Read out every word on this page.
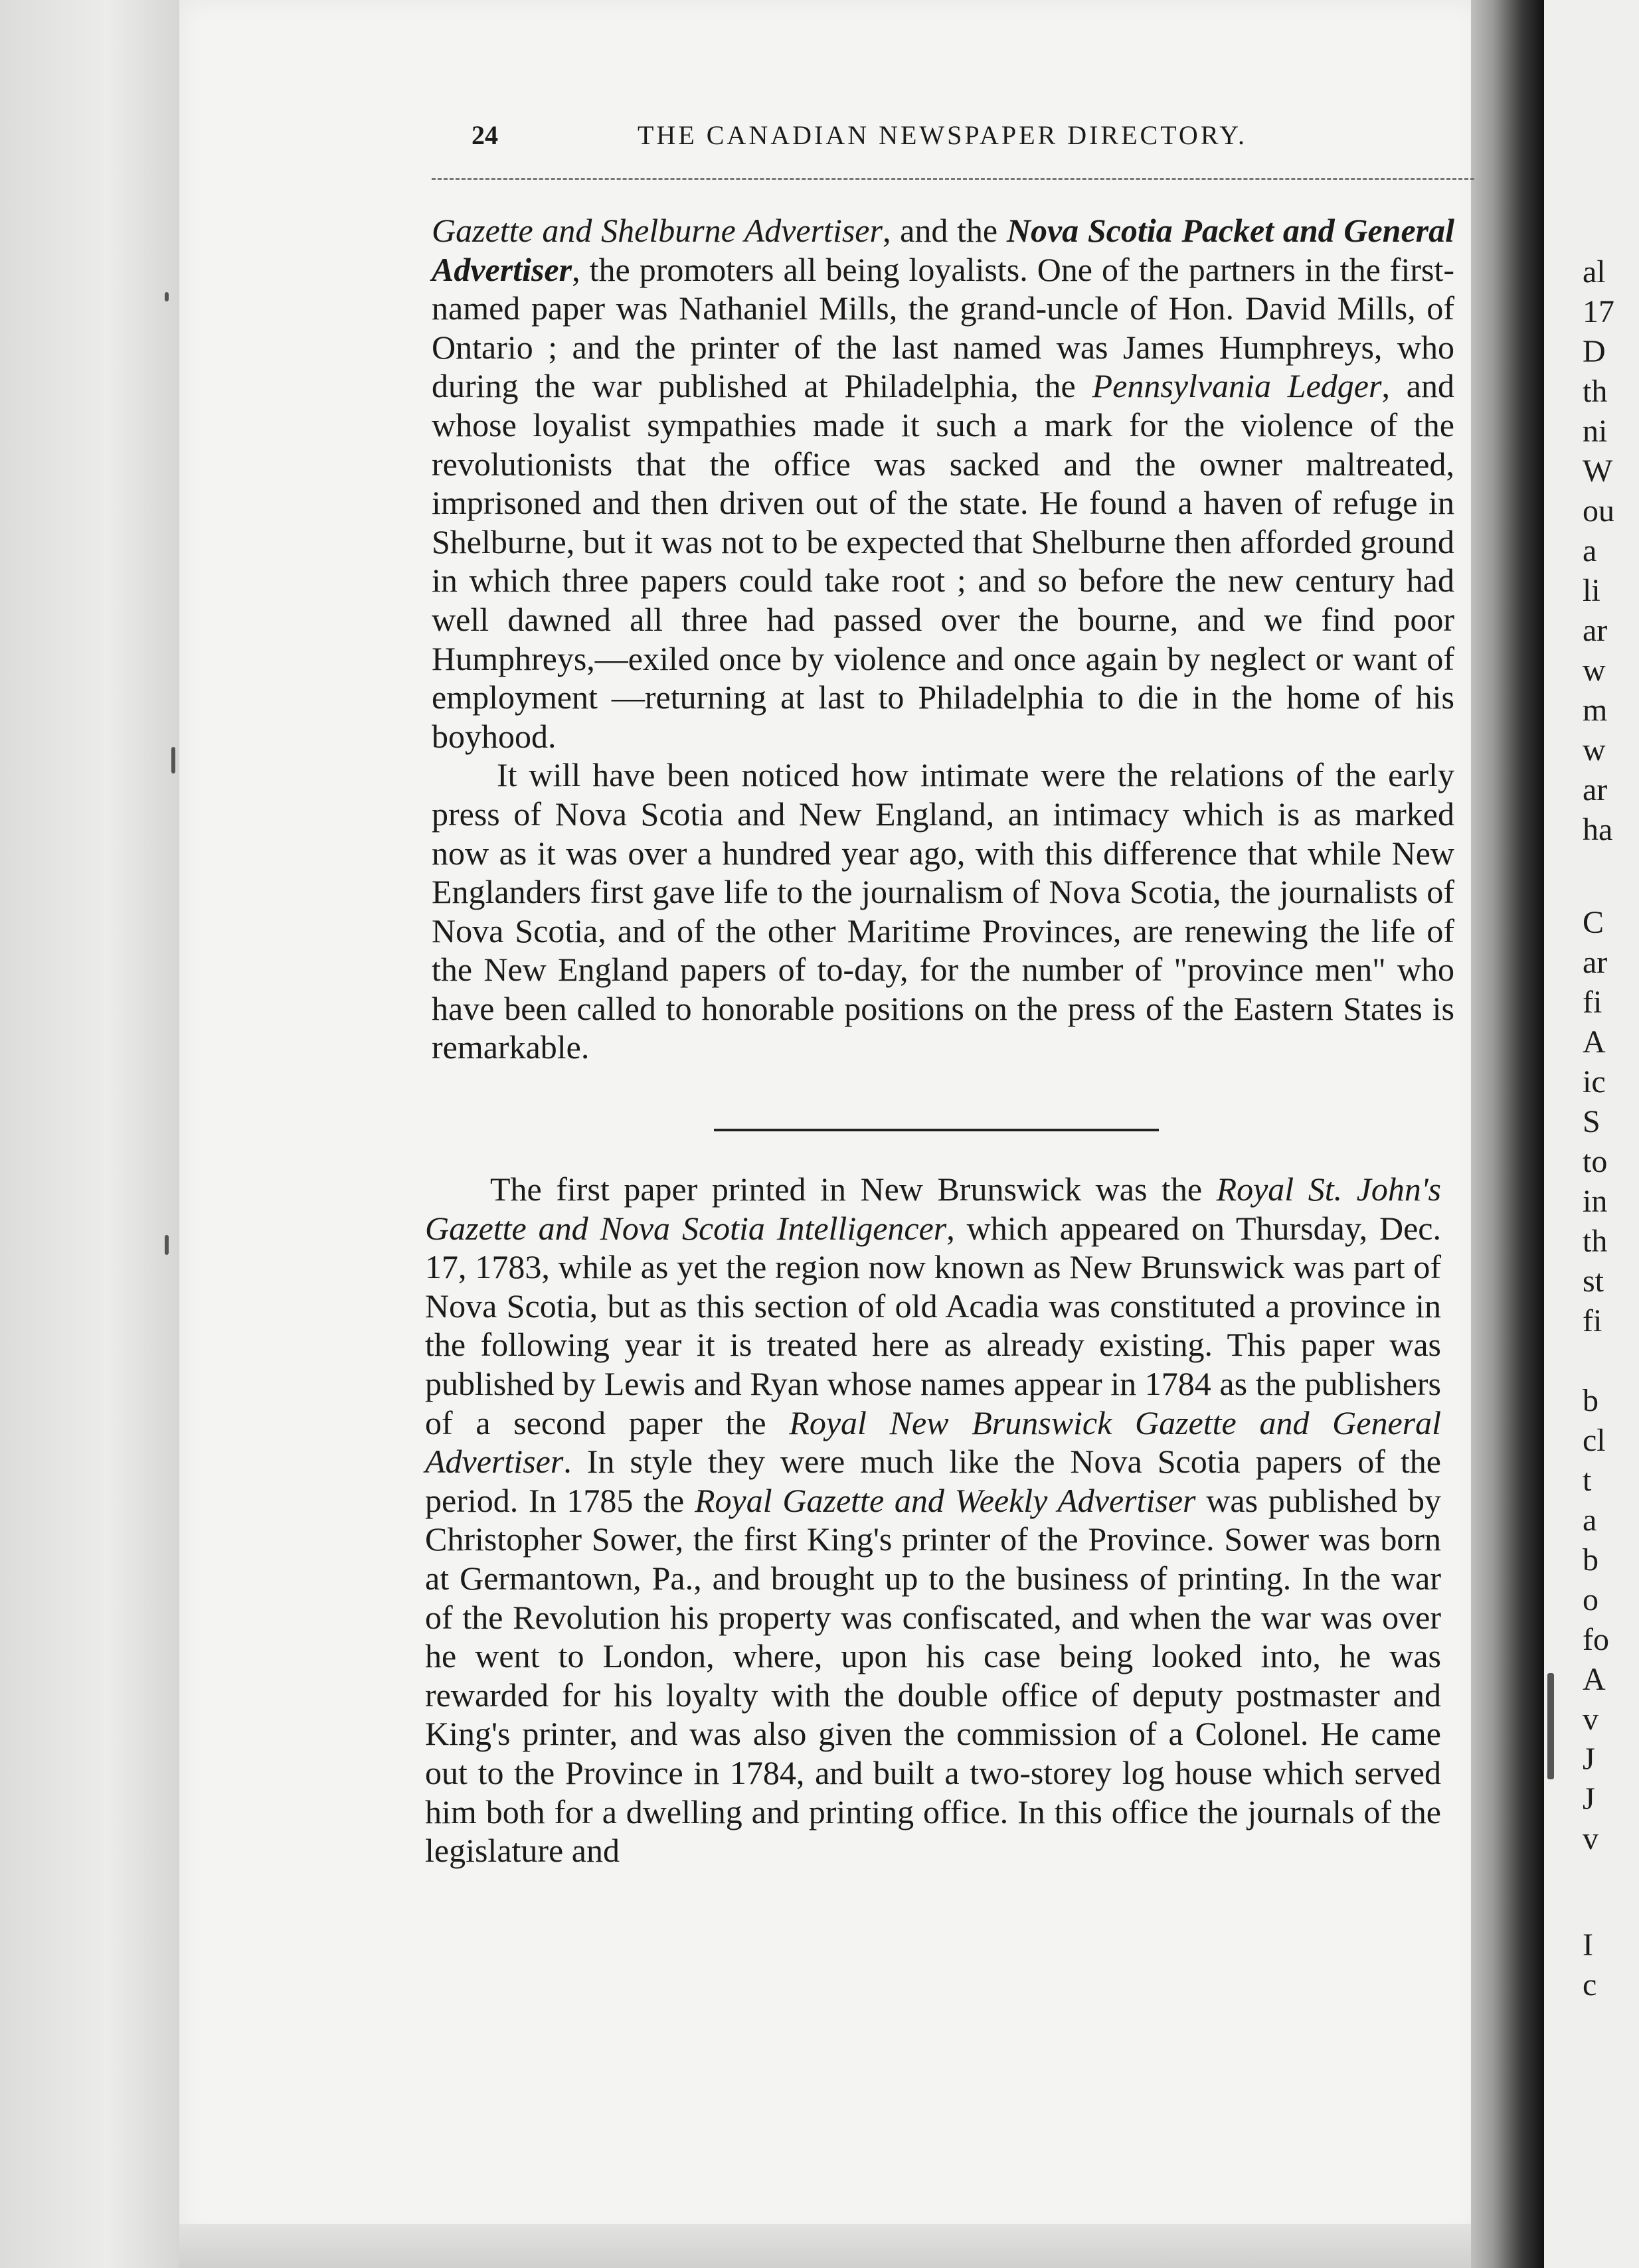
al
17
D
th
ni
W
ou
a
li
ar
w
m
w
ar
ha
C
ar
fi
A
ic
S
to
in
th
st
fi
b
cl
t
a
b
o
fo
A
v
J
J
v
I
c
24	THE CANADIAN NEWSPAPER DIRECTORY.

Gazette and Shelburne Advertiser, and the Nova Scotia Packet and General Advertiser, the promoters all being loyalists. One of the partners in the first-named paper was Nathaniel Mills, the grand-uncle of Hon. David Mills, of Ontario ; and the printer of the last named was James Humphreys, who during the war published at Philadelphia, the Pennsylvania Ledger, and whose loyalist sympathies made it such a mark for the violence of the revolutionists that the office was sacked and the owner maltreated, imprisoned and then driven out of the state. He found a haven of refuge in Shelburne, but it was not to be expected that Shelburne then afforded ground in which three papers could take root ; and so before the new century had well dawned all three had passed over the bourne, and we find poor Humphreys,—exiled once by violence and once again by neglect or want of employment —returning at last to Philadelphia to die in the home of his boyhood.

It will have been noticed how intimate were the relations of the early press of Nova Scotia and New England, an intimacy which is as marked now as it was over a hundred year ago, with this difference that while New Englanders first gave life to the journalism of Nova Scotia, the journalists of Nova Scotia, and of the other Maritime Provinces, are renewing the life of the New England papers of to-day, for the number of "province men" who have been called to honorable positions on the press of the Eastern States is remarkable.

The first paper printed in New Brunswick was the Royal St. John's Gazette and Nova Scotia Intelligencer, which appeared on Thursday, Dec. 17, 1783, while as yet the region now known as New Brunswick was part of Nova Scotia, but as this section of old Acadia was constituted a province in the following year it is treated here as already existing. This paper was published by Lewis and Ryan whose names appear in 1784 as the publishers of a second paper the Royal New Brunswick Gazette and General Advertiser. In style they were much like the Nova Scotia papers of the period. In 1785 the Royal Gazette and Weekly Advertiser was published by Christopher Sower, the first King's printer of the Province. Sower was born at Germantown, Pa., and brought up to the business of printing. In the war of the Revolution his property was confiscated, and when the war was over he went to London, where, upon his case being looked into, he was rewarded for his loyalty with the double office of deputy postmaster and King's printer, and was also given the commission of a Colonel. He came out to the Province in 1784, and built a two-storey log house which served him both for a dwelling and printing office. In this office the journals of the legislature and
